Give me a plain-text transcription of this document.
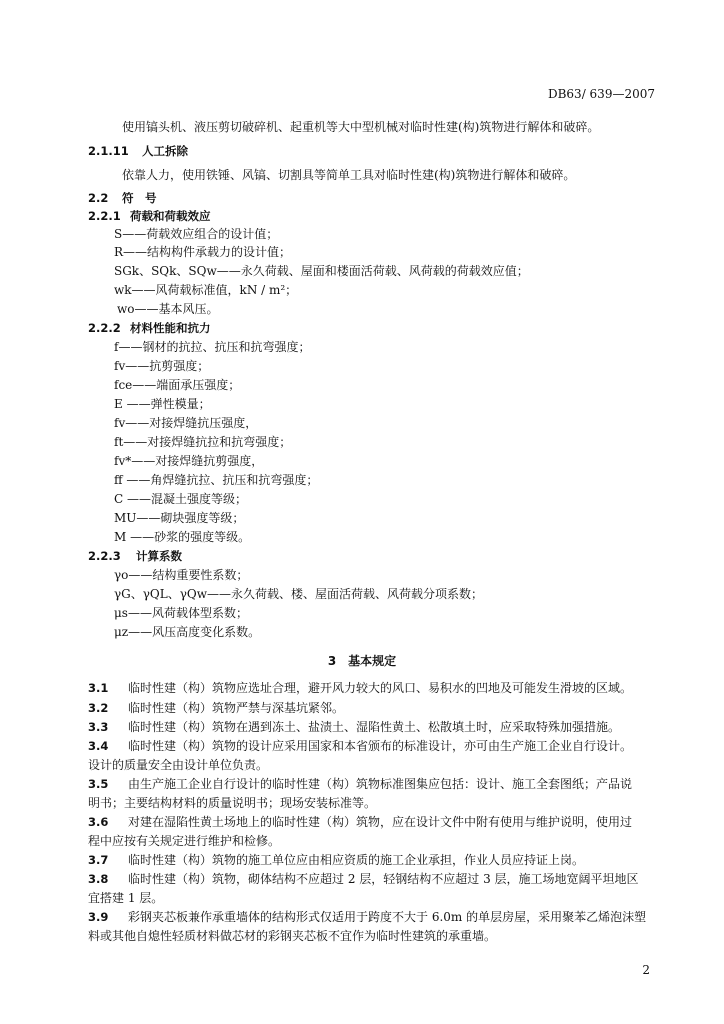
DB63/ 639—2007
使用镐头机、液压剪切破碎机、起重机等大中型机械对临时性建(构)筑物进行解体和破碎。
2.1.11 人工拆除
依靠人力，使用铁锤、风镐、切割具等简单工具对临时性建(构)筑物进行解体和破碎。
2.2 符　号
2.2.1 荷载和荷载效应
S——荷载效应组合的设计值；
R——结构构件承载力的设计值；
S​Gk、S​Qk、S​Qw——永久荷载、屋面和楼面活荷载、风荷载的荷载效应值；
w​k——风荷载标准值，kN / m²；
w​o——基本风压。
2.2.2 材料性能和抗力
f——钢材的抗拉、抗压和抗弯强度；
f​v——抗剪强度；
f​ce——端面承压强度；
E ——弹性模量；
f​v——对接焊缝抗压强度，
f​t——对接焊缝抗拉和抗弯强度；
f​v*——对接焊缝抗剪强度，
f​f ——角焊缝抗拉、抗压和抗弯强度；
C ——混凝土强度等级；
MU——砌块强度等级；
M ——砂浆的强度等级。
2.2.3 计算系数
γ​o——结构重要性系数；
γ​G、γ​QL、γ​Qw——永久荷载、楼、屋面活荷载、风荷载分项系数；
μ​s——风荷载体型系数；
μ​z——风压高度变化系数。
3　基本规定
3.1 临时性建（构）筑物应选址合理，避开风力较大的风口、易积水的凹地及可能发生滑坡的区域。
3.2 临时性建（构）筑物严禁与深基坑紧邻。
3.3 临时性建（构）筑物在遇到冻土、盐渍土、湿陷性黄土、松散填土时，应采取特殊加强措施。
3.4 临时性建（构）筑物的设计应采用国家和本省颁布的标准设计，亦可由生产施工企业自行设计。
设计的质量安全由设计单位负责。
3.5 由生产施工企业自行设计的临时性建（构）筑物标准图集应包括：设计、施工全套图纸；产品说
明书；主要结构材料的质量说明书；现场安装标准等。
3.6 对建在湿陷性黄土场地上的临时性建（构）筑物，应在设计文件中附有使用与维护说明，使用过
程中应按有关规定进行维护和检修。
3.7 临时性建（构）筑物的施工单位应由相应资质的施工企业承担，作业人员应持证上岗。
3.8 临时性建（构）筑物，砌体结构不应超过 2 层，轻钢结构不应超过 3 层，施工场地宽阔平坦地区
宜搭建 1 层。
3.9 彩钢夹芯板兼作承重墙体的结构形式仅适用于跨度不大于 6.0m 的单层房屋，采用聚苯乙烯泡沫塑
料或其他自熄性轻质材料做芯材的彩钢夹芯板不宜作为临时性建筑的承重墙。
2
